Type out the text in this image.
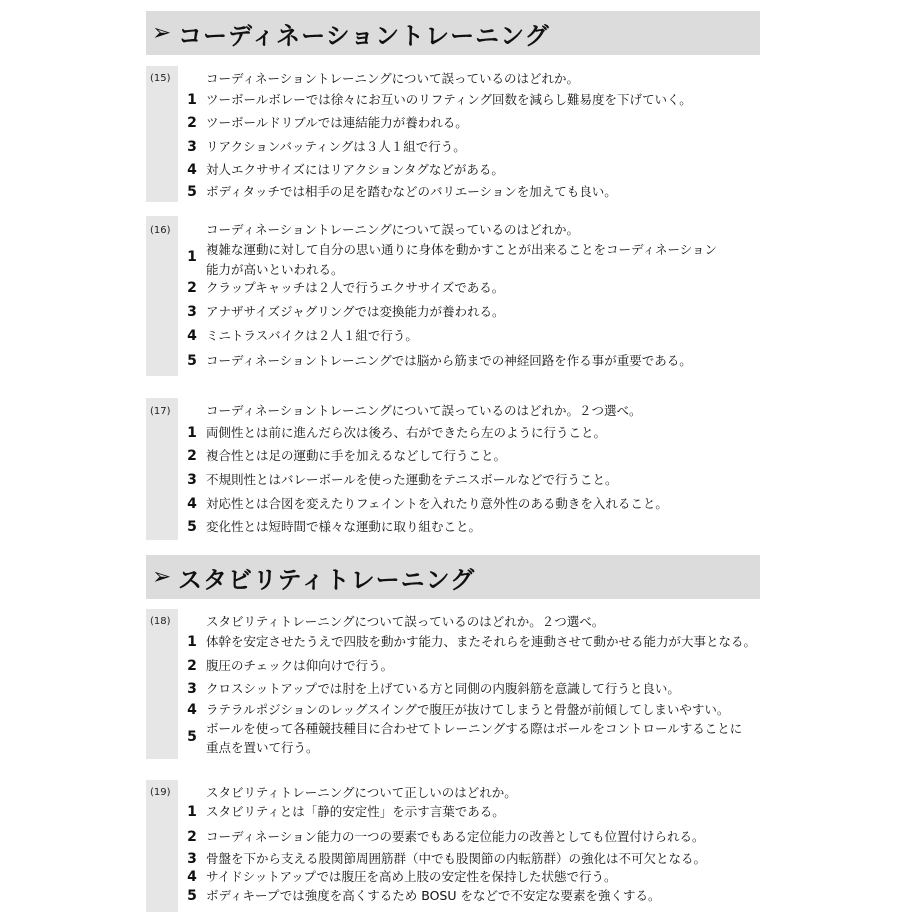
➢ コーディネーショントレーニング
(15)	コーディネーショントレーニングについて誤っているのはどれか。
1 ツーボールボレーでは徐々にお互いのリフティング回数を減らし難易度を下げていく。
2 ツーボールドリブルでは連結能力が養われる。
3 リアクションバッティングは３人１組で行う。
4 対人エクササイズにはリアクションタグなどがある。
5 ボディタッチでは相手の足を踏むなどのバリエーションを加えても良い。
(16)	コーディネーショントレーニングについて誤っているのはどれか。
1 複雑な運動に対して自分の思い通りに身体を動かすことが出来ることをコーディネーション
能力が高いといわれる。
2 クラップキャッチは２人で行うエクササイズである。
3 アナザサイズジャグリングでは変換能力が養われる。
4 ミニトラスバイクは２人１組で行う。
5 コーディネーショントレーニングでは脳から筋までの神経回路を作る事が重要である。
(17)	コーディネーショントレーニングについて誤っているのはどれか。２つ選べ。
1 両側性とは前に進んだら次は後ろ、右ができたら左のように行うこと。
2 複合性とは足の運動に手を加えるなどして行うこと。
3 不規則性とはバレーボールを使った運動をテニスボールなどで行うこと。
4 対応性とは合図を変えたりフェイントを入れたり意外性のある動きを入れること。
5 変化性とは短時間で様々な運動に取り組むこと。
➢ スタビリティトレーニング
(18)	スタビリティトレーニングについて誤っているのはどれか。２つ選べ。
1 体幹を安定させたうえで四肢を動かす能力、またそれらを連動させて動かせる能力が大事となる。
2 腹圧のチェックは仰向けで行う。
3 クロスシットアップでは肘を上げている方と同側の内腹斜筋を意識して行うと良い。
4 ラテラルポジションのレッグスイングで腹圧が抜けてしまうと骨盤が前傾してしまいやすい。
5
ボールを使って各種競技種目に合わせてトレーニングする際はボールをコントロールすることに
重点を置いて行う。
(19)	スタビリティトレーニングについて正しいのはどれか。
1 スタビリティとは「静的安定性」を示す言葉である。
2 コーディネーション能力の一つの要素でもある定位能力の改善としても位置付けられる。
3 骨盤を下から支える股関節周囲筋群（中でも股関節の内転筋群）の強化は不可欠となる。
4 サイドシットアップでは腹圧を高め上肢の安定性を保持した状態で行う。
5 ボディキープでは強度を高くするため BOSU をなどで不安定な要素を強くする。
